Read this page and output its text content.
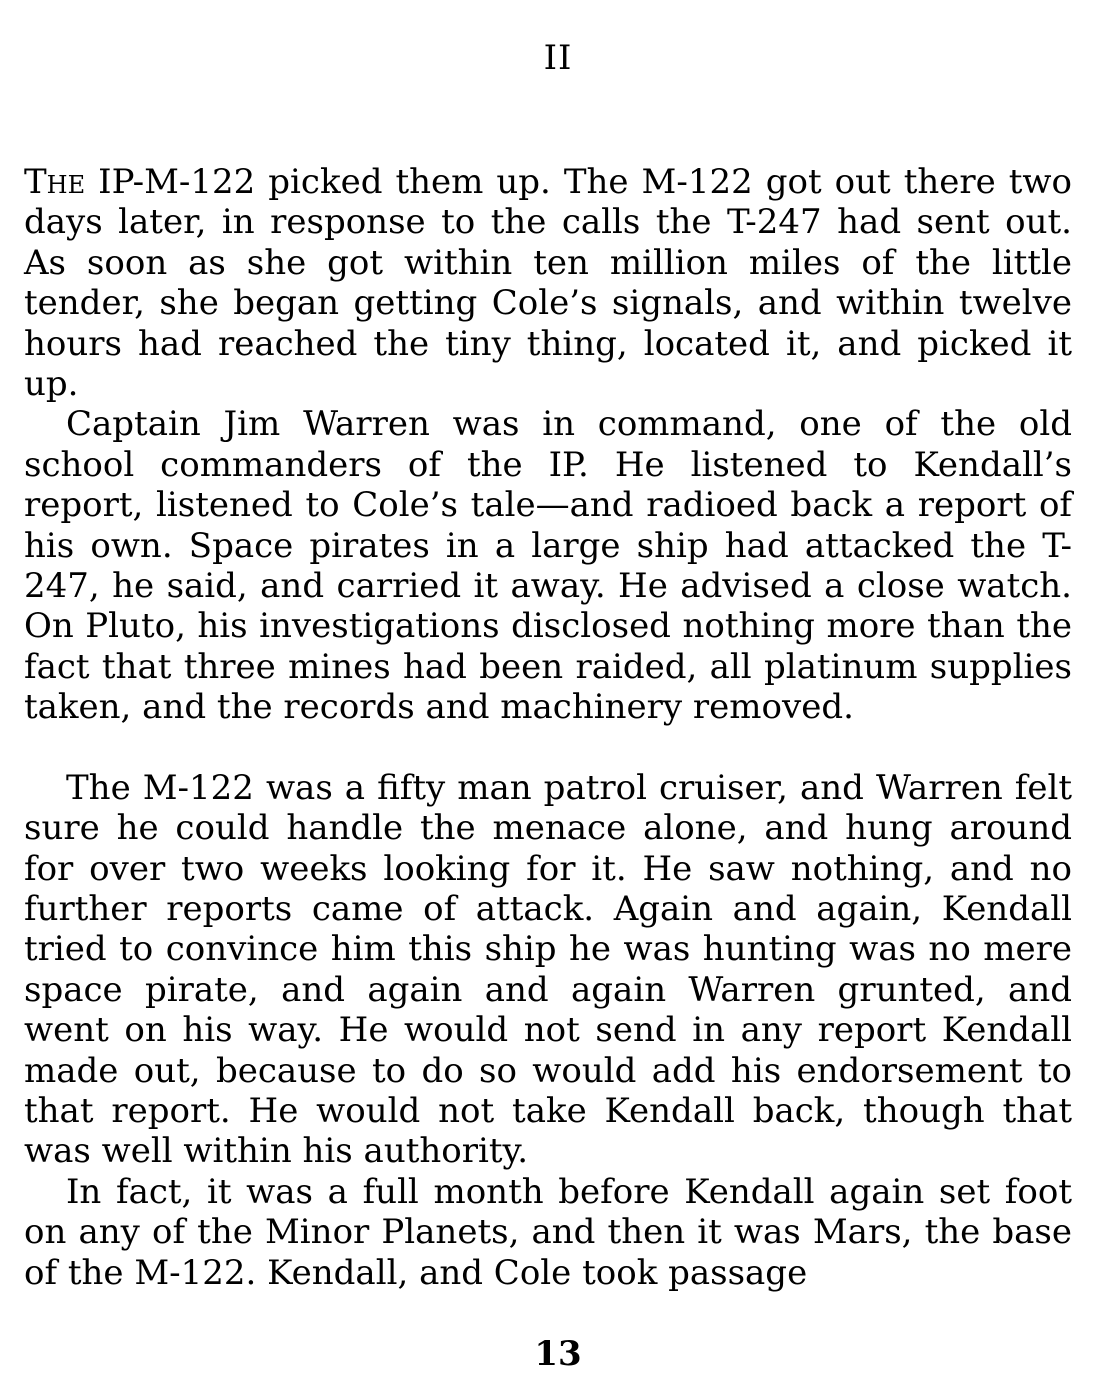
II

The IP-M-122 picked them up. The M-122 got out there two days later, in response to the calls the T-247 had sent out. As soon as she got within ten million miles of the little tender, she began getting Cole’s signals, and within twelve hours had reached the tiny thing, located it, and picked it up.

Captain Jim Warren was in command, one of the old school commanders of the IP. He listened to Kendall’s report, listened to Cole’s tale—and radioed back a report of his own. Space pirates in a large ship had attacked the T-247, he said, and carried it away. He advised a close watch. On Pluto, his investigations disclosed nothing more than the fact that three mines had been raided, all platinum supplies taken, and the records and machinery removed.

The M-122 was a fifty man patrol cruiser, and Warren felt sure he could handle the menace alone, and hung around for over two weeks looking for it. He saw nothing, and no further reports came of attack. Again and again, Kendall tried to convince him this ship he was hunting was no mere space pirate, and again and again Warren grunted, and went on his way. He would not send in any report Kendall made out, because to do so would add his endorsement to that report. He would not take Kendall back, though that was well within his authority.

In fact, it was a full month before Kendall again set foot on any of the Minor Planets, and then it was Mars, the base of the M-122. Kendall, and Cole took passage

13
